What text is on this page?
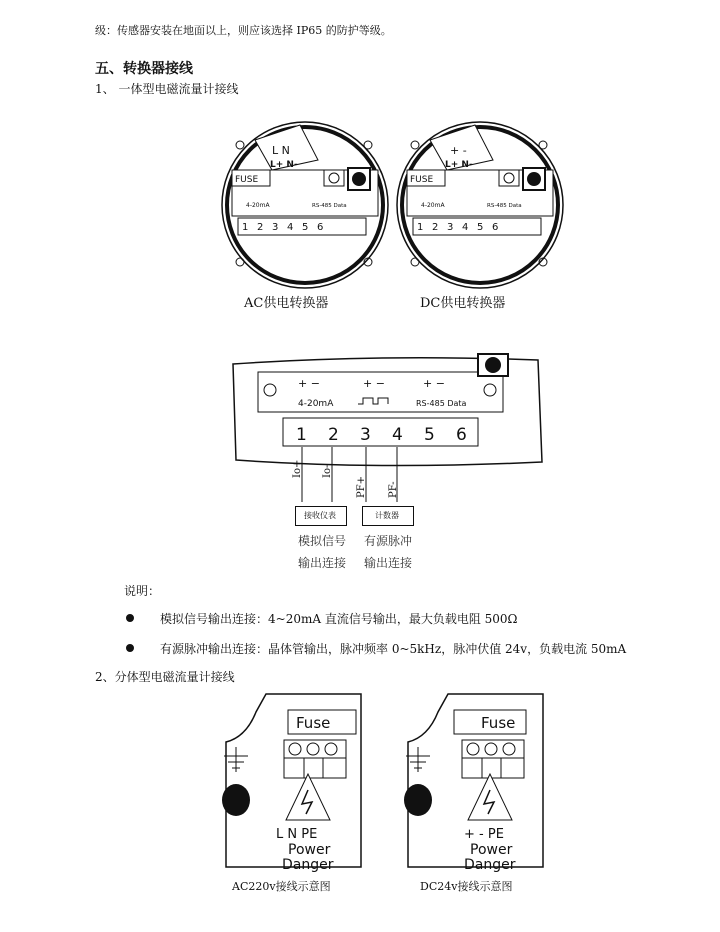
级：传感器安装在地面以上，则应该选择 IP65 的防护等级。
五、转换器接线
1、 一体型电磁流量计接线
L N
L+ N-
FUSE
4-20mA	RS-485 Data
1 2 3 4 5 6
AC供电转换器
+ -
L+ N-
FUSE
4-20mA	RS-485 Data
1 2 3 4 5 6
DC供电转换器
+ −	+ −	+ −
4-20mA	RS-485 Data
1 2 3 4 5 6
Io+ Io-
PF+ PF-
接收仪表	计数器
模拟信号
输出连接
有源脉冲
输出连接
说明：
模拟信号输出连接：4~20mA 直流信号输出，最大负载电阻 500Ω
有源脉冲输出连接：晶体管输出，脉冲频率 0~5kHz，脉冲伏值 24v，负载电流 50mA
2、分体型电磁流量计接线
Fuse
L N PE
Power
Danger
AC220v接线示意图
Fuse
+ - PE
Power
Danger
DC24v接线示意图
